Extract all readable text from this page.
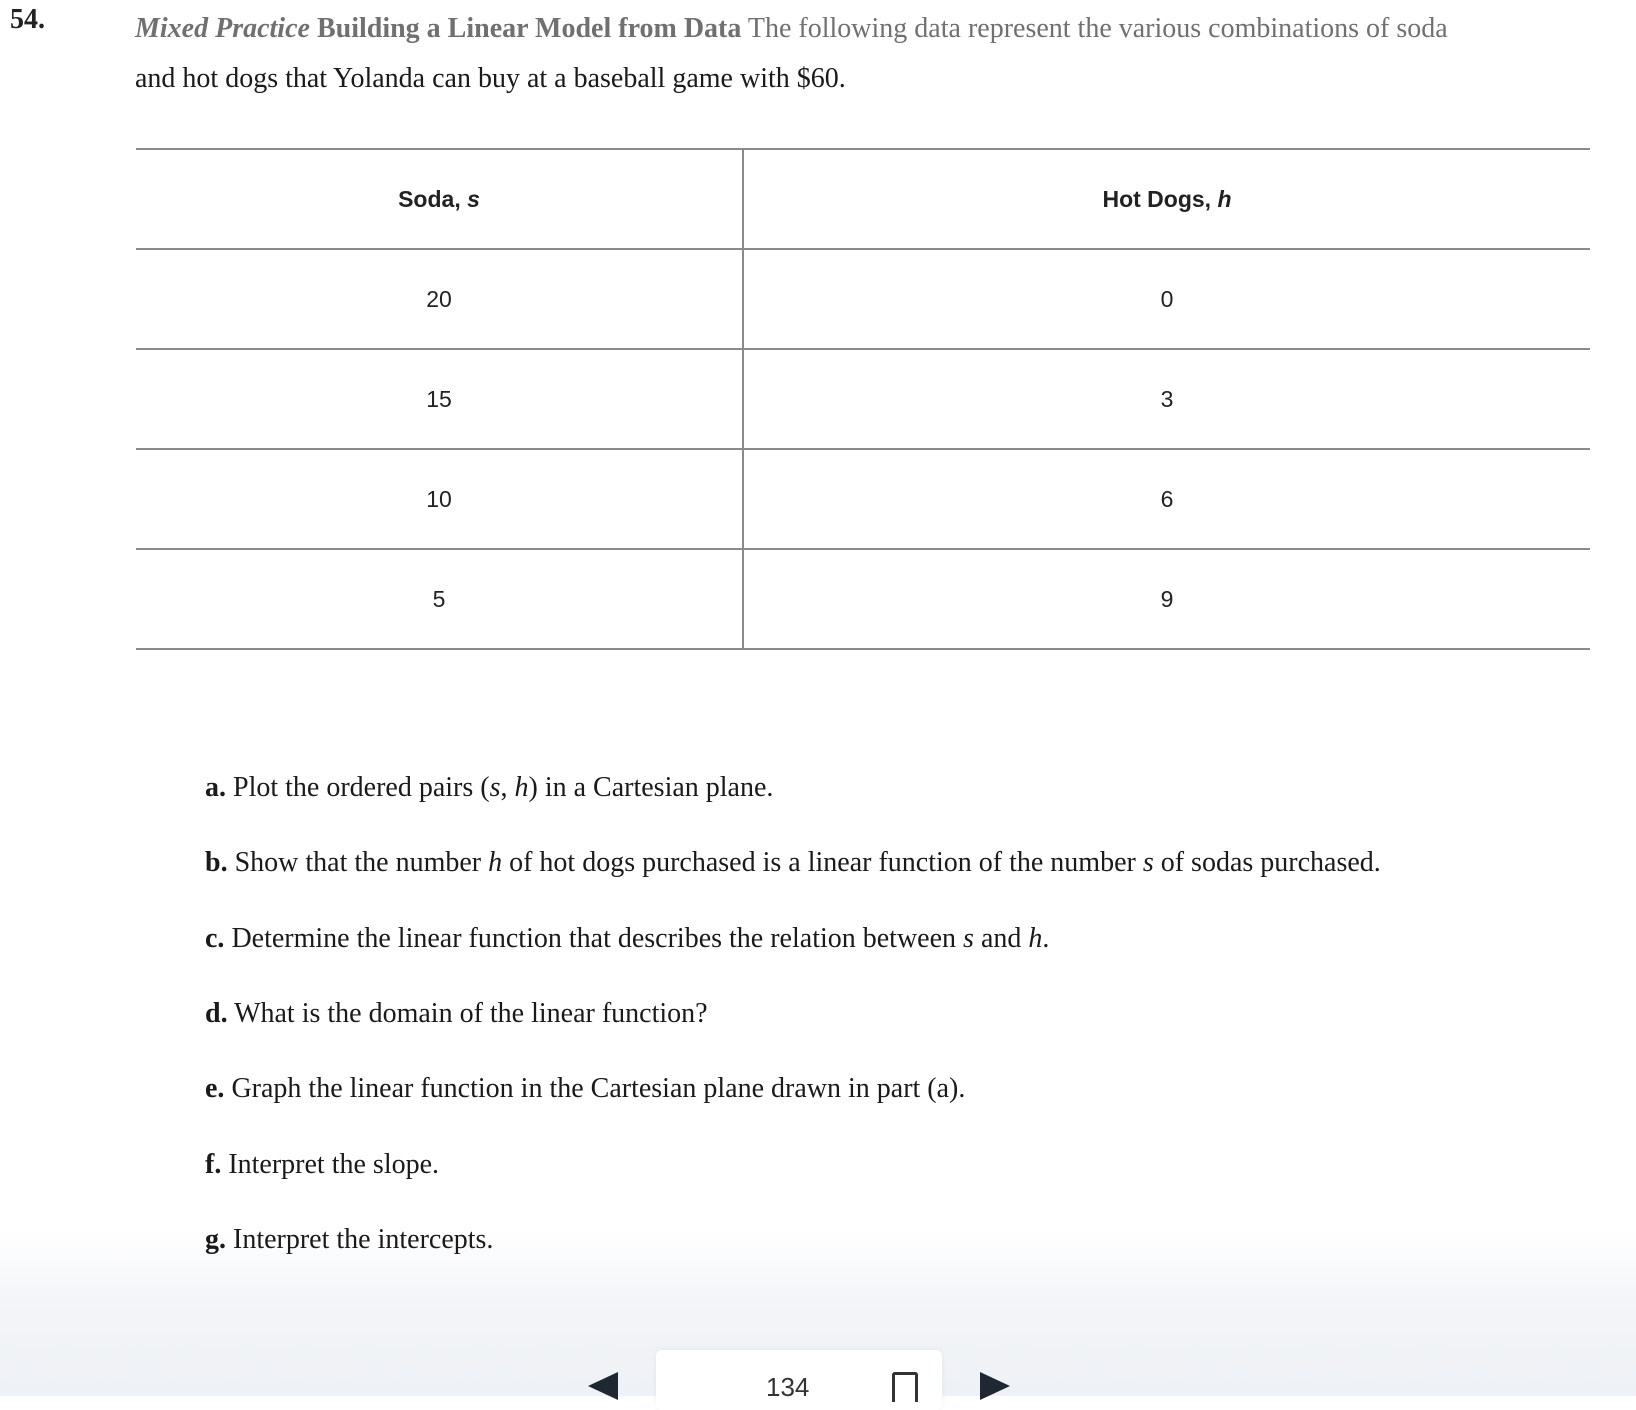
54.	Mixed Practice Building a Linear Model from Data The following data represent the various combinations of soda
and hot dogs that Yolanda can buy at a baseball game with $60.
Soda, s	Hot Dogs, h
20	0
15	3
10	6
5	9
a. Plot the ordered pairs (s, h) in a Cartesian plane.
b. Show that the number h of hot dogs purchased is a linear function of the number s of sodas purchased.
c. Determine the linear function that describes the relation between s and h.
d. What is the domain of the linear function?
e. Graph the linear function in the Cartesian plane drawn in part (a).
f. Interpret the slope.
g. Interpret the intercepts.
134
